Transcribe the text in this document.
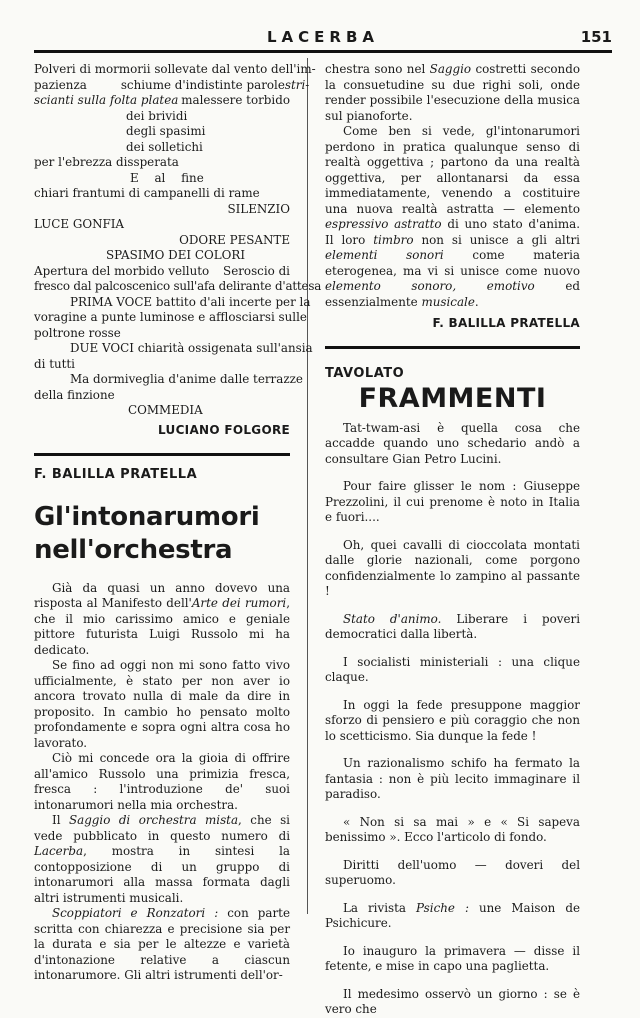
LACERBA	151
Polveri di mormorii sollevate dal vento dell'im-
pazienza	schiume d'indistinte parole stri-
scianti sulla folta platea malessere torbido
dei brividi
degli spasimi
dei solletichi
per l'ebrezza dissperata
E al fine
chiari frantumi di campanelli di rame
SILENZIO
LUCE GONFIA
ODORE PESANTE
SPASIMO DEI COLORI
Apertura del morbido velluto Seroscio di
fresco dal palcoscenico sull'afa delirante d'attesa
PRIMA VOCE battito d'ali incerte per la
voragine a punte luminose e afflosciarsi sulle
poltrone rosse
DUE VOCI chiarità ossigenata sull'ansia
di tutti
Ma dormiveglia d'anime dalle terrazze
della finzione
COMMEDIA
LUCIANO FOLGORE
F. BALILLA PRATELLA
Gl'intonarumori
nell'orchestra
Già da quasi un anno dovevo una risposta al Manifesto dell'Arte dei rumori, che il mio carissimo amico e geniale pittore futurista Luigi Russolo mi ha dedicato.
Se fino ad oggi non mi sono fatto vivo ufficialmente, è stato per non aver io ancora trovato nulla di male da dire in proposito. In cambio ho pensato molto profondamente e sopra ogni altra cosa ho lavorato.
Ciò mi concede ora la gioia di offrire all'amico Russolo una primizia fresca, fresca : l'introduzione de' suoi intonarumori nella mia orchestra.
Il Saggio di orchestra mista, che si vede pubblicato in questo numero di Lacerba, mostra in sintesi la contopposizione di un gruppo di intonarumori alla massa formata dagli altri istrumenti musicali.
Scoppiatori e Ronzatori : con parte scritta con chiarezza e precisione sia per la durata e sia per le altezze e varietà d'intonazione relative a ciascun intonarumore. Gli altri istrumenti dell'or-
chestra sono nel Saggio costretti secondo la consuetudine su due righi soli, onde render possibile l'esecuzione della musica sul pianoforte.
Come ben si vede, gl'intonarumori perdono in pratica qualunque senso di realtà oggettiva ; partono da una realtà oggettiva, per allontanarsi da essa immediatamente, venendo a costituire una nuova realtà astratta — elemento espressivo astratto di uno stato d'anima. Il loro timbro non si unisce a gli altri elementi sonori come materia eterogenea, ma vi si unisce come nuovo elemento sonoro, emotivo ed essenzialmente musicale.
F. BALILLA PRATELLA
TAVOLATO
FRAMMENTI
Tat-twam-asi è quella cosa che accadde quando uno schedario andò a consultare Gian Petro Lucini.
Pour faire glisser le nom : Giuseppe Prezzolini, il cui prenome è noto in Italia e fuori....
Oh, quei cavalli di cioccolata montati dalle glorie nazionali, come porgono confidenzialmente lo zampino al passante !
Stato d'animo. Liberare i poveri democratici dalla libertà.
I socialisti ministeriali : una clique claque.
In oggi la fede presuppone maggior sforzo di pensiero e più coraggio che non lo scetticismo. Sia dunque la fede !
Un razionalismo schifo ha fermato la fantasia : non è più lecito immaginare il paradiso.
« Non si sa mai » e « Si sapeva benissimo ». Ecco l'articolo di fondo.
Diritti dell'uomo — doveri del superuomo.
La rivista Psiche : une Maison de Psichicure.
Io inauguro la primavera — disse il fetente, e mise in capo una paglietta.
Il medesimo osservò un giorno : se è vero che
